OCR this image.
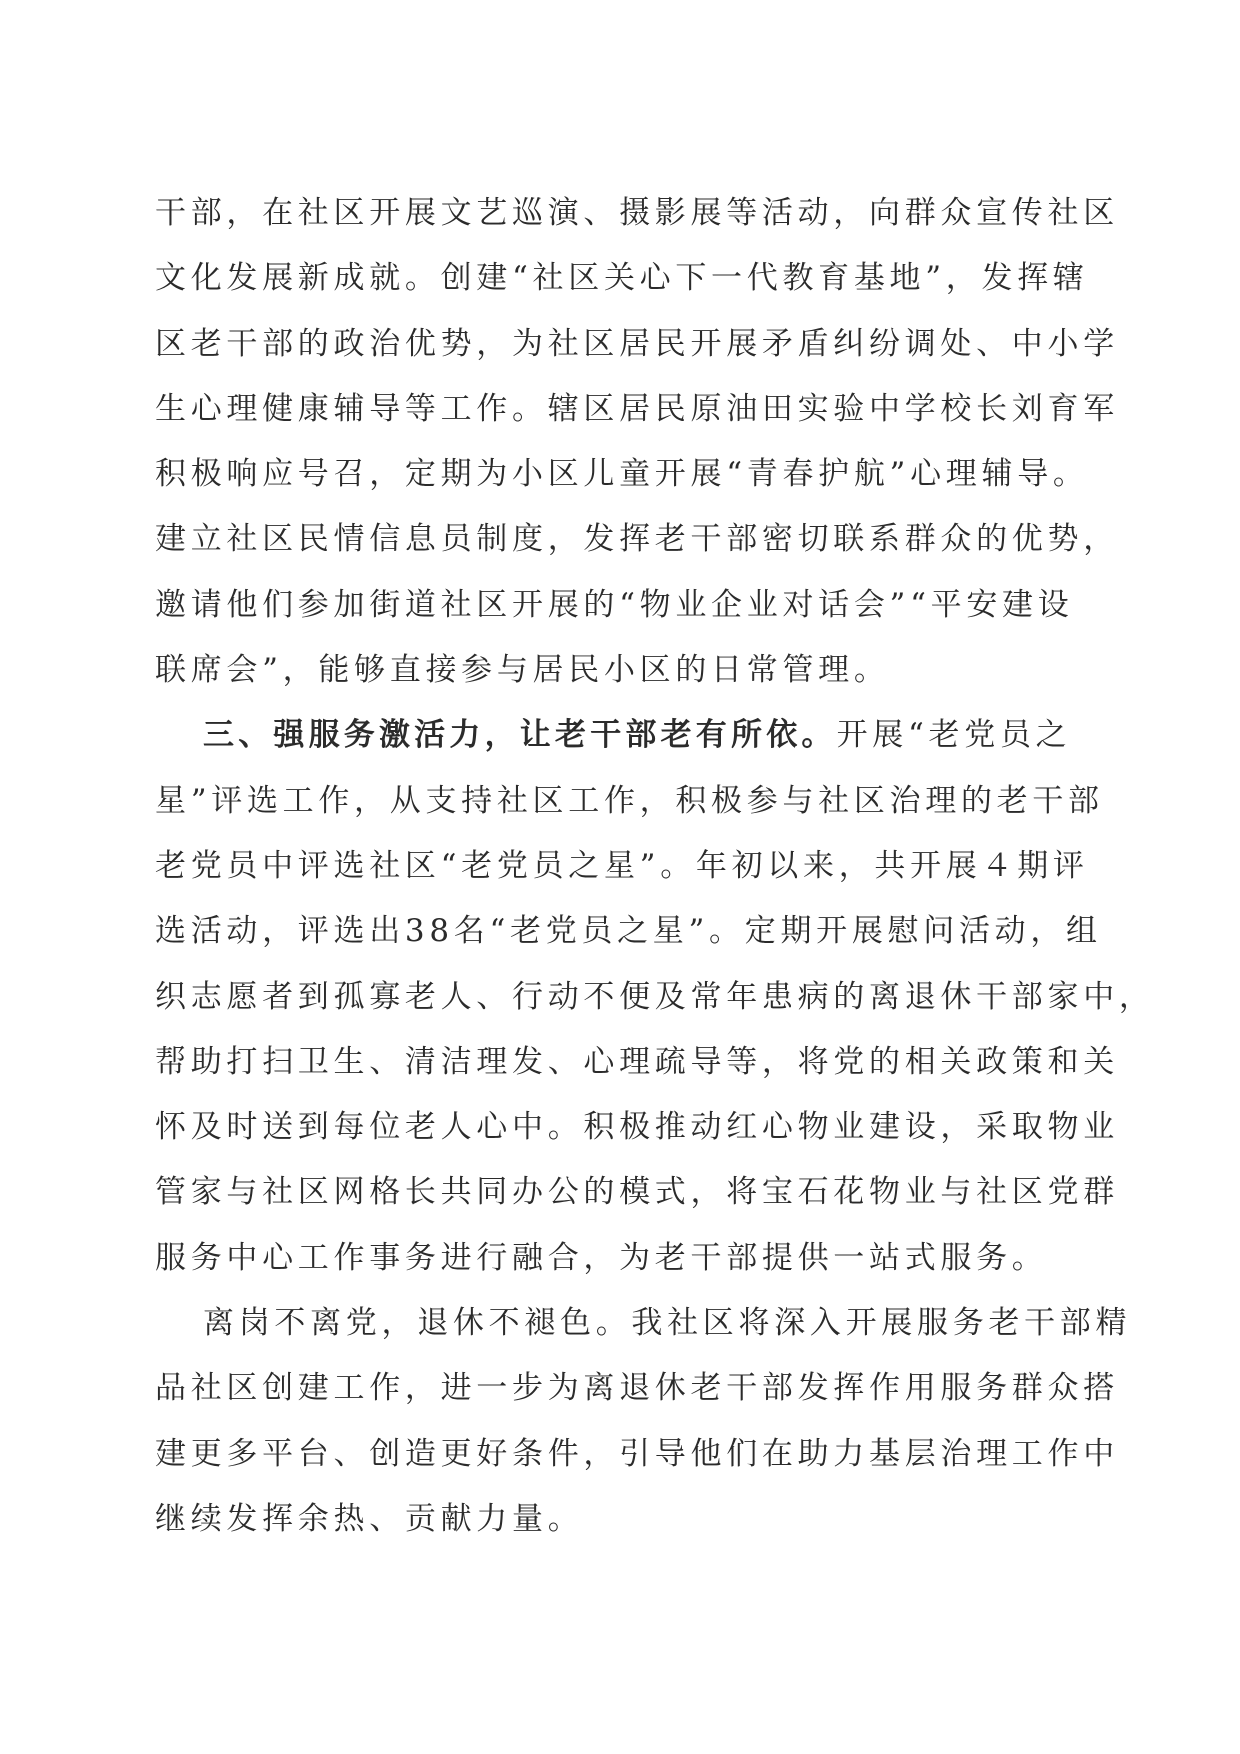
干部，在社区开展文艺巡演、摄影展等活动，向群众宣传社区
文化发展新成就。创建“社区关心下一代教育基地”，发挥辖
区老干部的政治优势，为社区居民开展矛盾纠纷调处、中小学
生心理健康辅导等工作。辖区居民原油田实验中学校长刘育军
积极响应号召，定期为小区儿童开展“青春护航”心理辅导。
建立社区民情信息员制度，发挥老干部密切联系群众的优势，
邀请他们参加街道社区开展的“物业企业对话会”“平安建设
联席会”，能够直接参与居民小区的日常管理。
三、强服务激活力，让老干部老有所依。开展“老党员之
星”评选工作，从支持社区工作，积极参与社区治理的老干部
老党员中评选社区“老党员之星”。年初以来，共开展４期评
选活动，评选出38名“老党员之星”。定期开展慰问活动，组
织志愿者到孤寡老人、行动不便及常年患病的离退休干部家中，
帮助打扫卫生、清洁理发、心理疏导等，将党的相关政策和关
怀及时送到每位老人心中。积极推动红心物业建设，采取物业
管家与社区网格长共同办公的模式，将宝石花物业与社区党群
服务中心工作事务进行融合，为老干部提供一站式服务。
离岗不离党，退休不褪色。我社区将深入开展服务老干部精
品社区创建工作，进一步为离退休老干部发挥作用服务群众搭
建更多平台、创造更好条件，引导他们在助力基层治理工作中
继续发挥余热、贡献力量。
